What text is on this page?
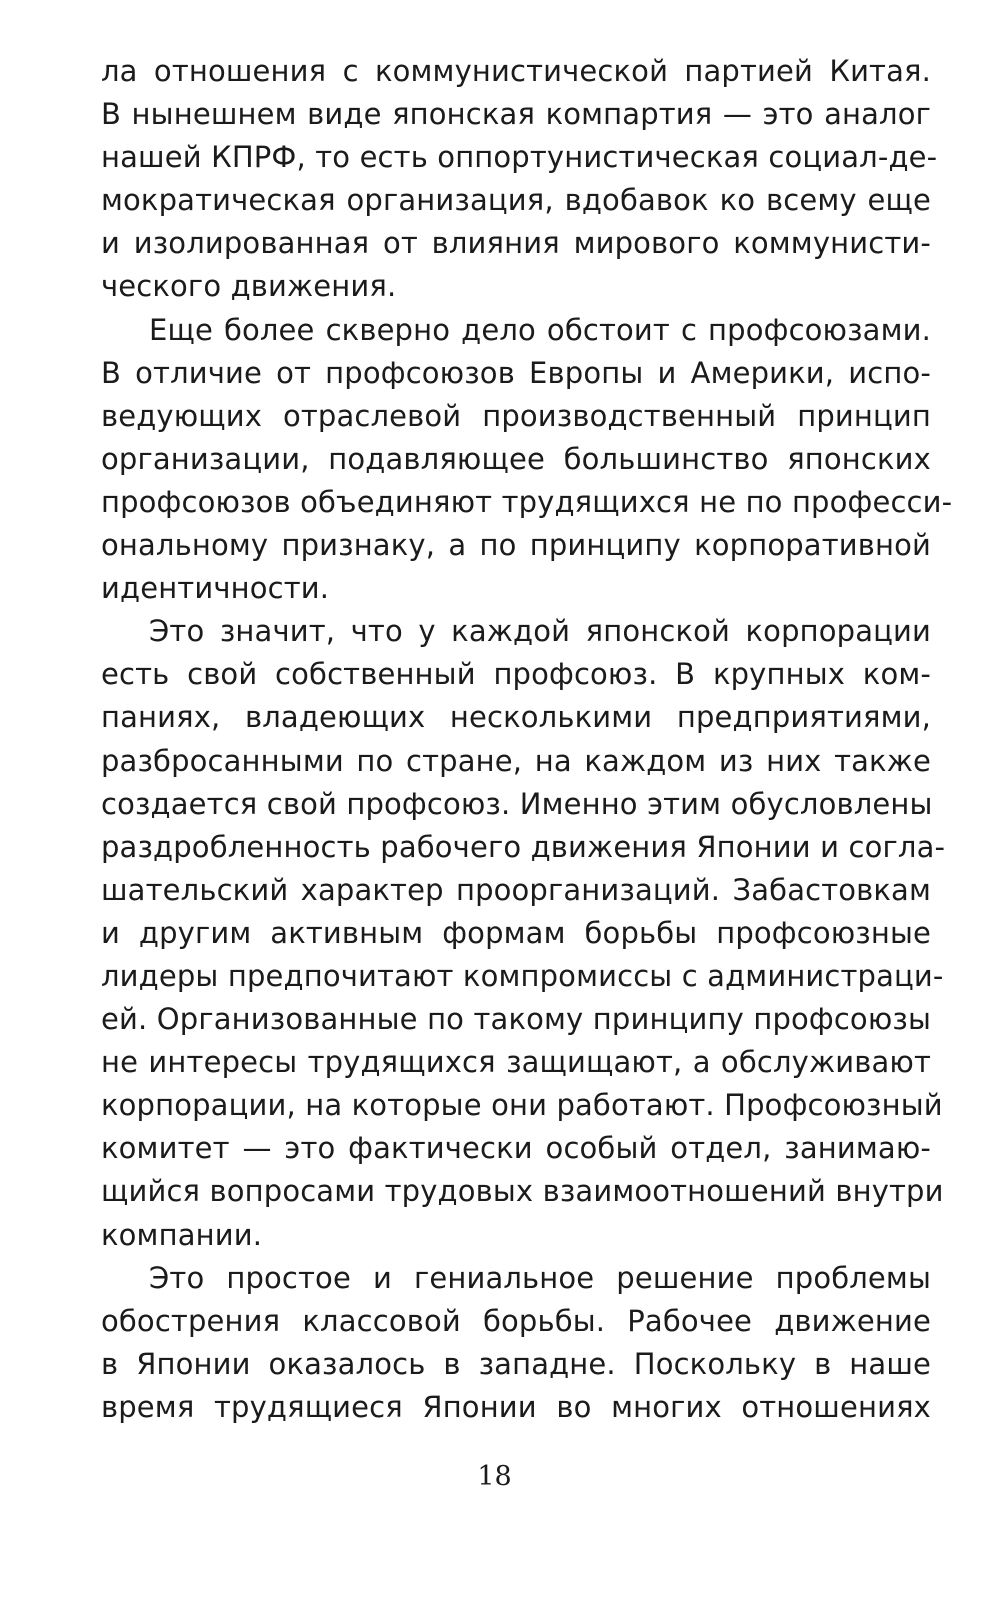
ла отношения с коммунистической партией Китая.
В нынешнем виде японская компартия — это аналог
нашей КПРФ, то есть оппортунистическая социал-де-
мократическая организация, вдобавок ко всему еще
и изолированная от влияния мирового коммунисти-
ческого движения.
Еще более скверно дело обстоит с профсоюзами.
В отличие от профсоюзов Европы и Америки, испо-
ведующих отраслевой производственный принцип
организации, подавляющее большинство японских
профсоюзов объединяют трудящихся не по професси-
ональному признаку, а по принципу корпоративной
идентичности.
Это значит, что у каждой японской корпорации
есть свой собственный профсоюз. В крупных ком-
паниях, владеющих несколькими предприятиями,
разбросанными по стране, на каждом из них также
создается свой профсоюз. Именно этим обусловлены
раздробленность рабочего движения Японии и согла-
шательский характер проорганизаций. Забастовкам
и другим активным формам борьбы профсоюзные
лидеры предпочитают компромиссы с администраци-
ей. Организованные по такому принципу профсоюзы
не интересы трудящихся защищают, а обслуживают
корпорации, на которые они работают. Профсоюзный
комитет — это фактически особый отдел, занимаю-
щийся вопросами трудовых взаимоотношений внутри
компании.
Это простое и гениальное решение проблемы
обострения классовой борьбы. Рабочее движение
в Японии оказалось в западне. Поскольку в наше
время трудящиеся Японии во многих отношениях
18
